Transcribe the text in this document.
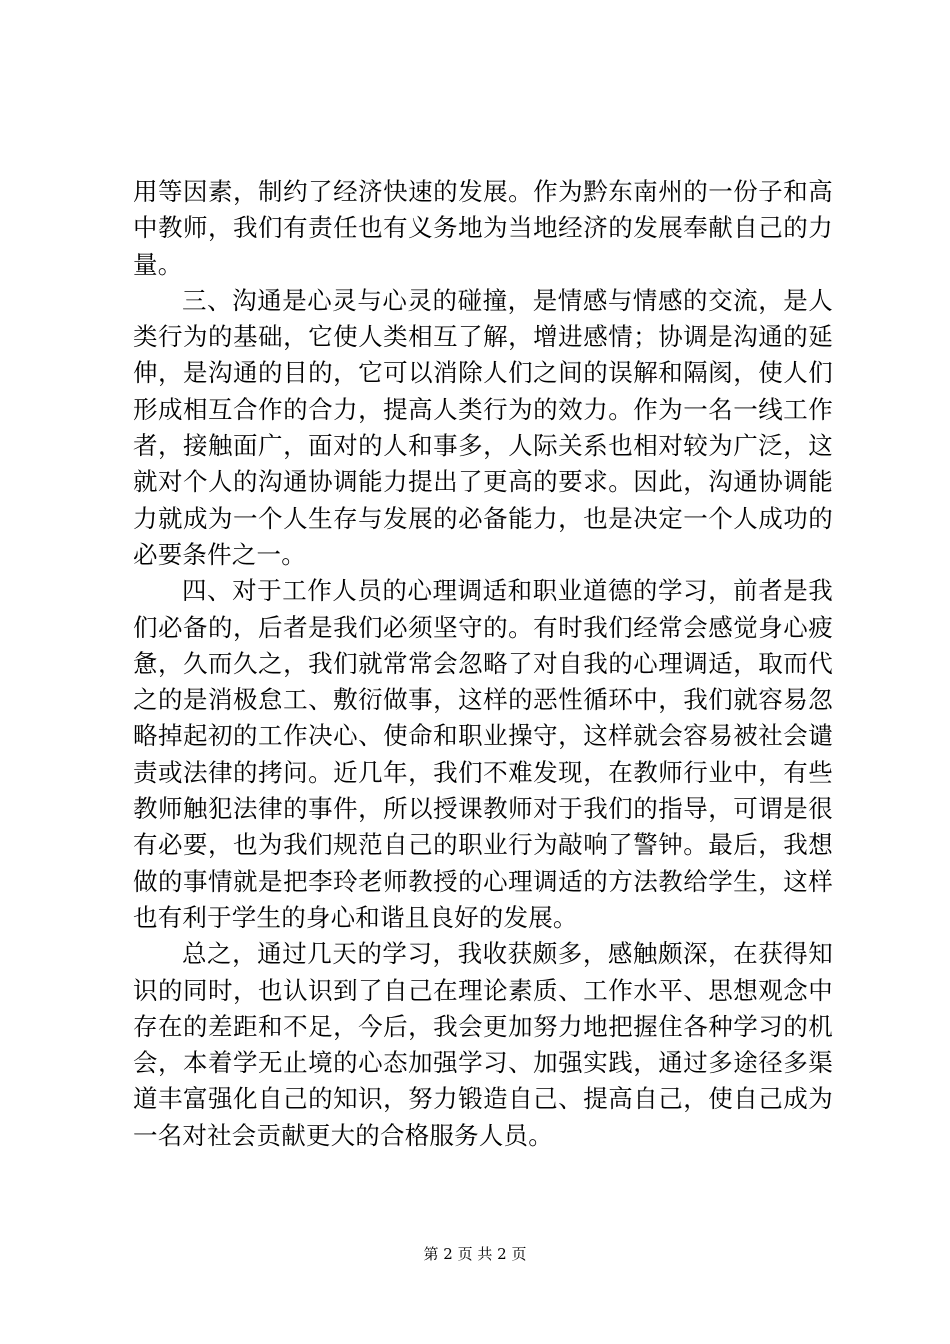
用等因素，制约了经济快速的发展。作为黔东南州的一份子和高中教师，我们有责任也有义务地为当地经济的发展奉献自己的力量。

三、沟通是心灵与心灵的碰撞，是情感与情感的交流，是人类行为的基础，它使人类相互了解，增进感情；协调是沟通的延伸，是沟通的目的，它可以消除人们之间的误解和隔阂，使人们形成相互合作的合力，提高人类行为的效力。作为一名一线工作者，接触面广，面对的人和事多，人际关系也相对较为广泛，这就对个人的沟通协调能力提出了更高的要求。因此，沟通协调能力就成为一个人生存与发展的必备能力，也是决定一个人成功的必要条件之一。

四、对于工作人员的心理调适和职业道德的学习，前者是我们必备的，后者是我们必须坚守的。有时我们经常会感觉身心疲惫，久而久之，我们就常常会忽略了对自我的心理调适，取而代之的是消极怠工、敷衍做事，这样的恶性循环中，我们就容易忽略掉起初的工作决心、使命和职业操守，这样就会容易被社会谴责或法律的拷问。近几年，我们不难发现，在教师行业中，有些教师触犯法律的事件，所以授课教师对于我们的指导，可谓是很有必要，也为我们规范自己的职业行为敲响了警钟。最后，我想做的事情就是把李玲老师教授的心理调适的方法教给学生，这样也有利于学生的身心和谐且良好的发展。

总之，通过几天的学习，我收获颇多，感触颇深，在获得知识的同时，也认识到了自己在理论素质、工作水平、思想观念中存在的差距和不足，今后，我会更加努力地把握住各种学习的机会，本着学无止境的心态加强学习、加强实践，通过多途径多渠道丰富强化自己的知识，努力锻造自己、提高自己，使自己成为一名对社会贡献更大的合格服务人员。

第 2 页 共 2 页
